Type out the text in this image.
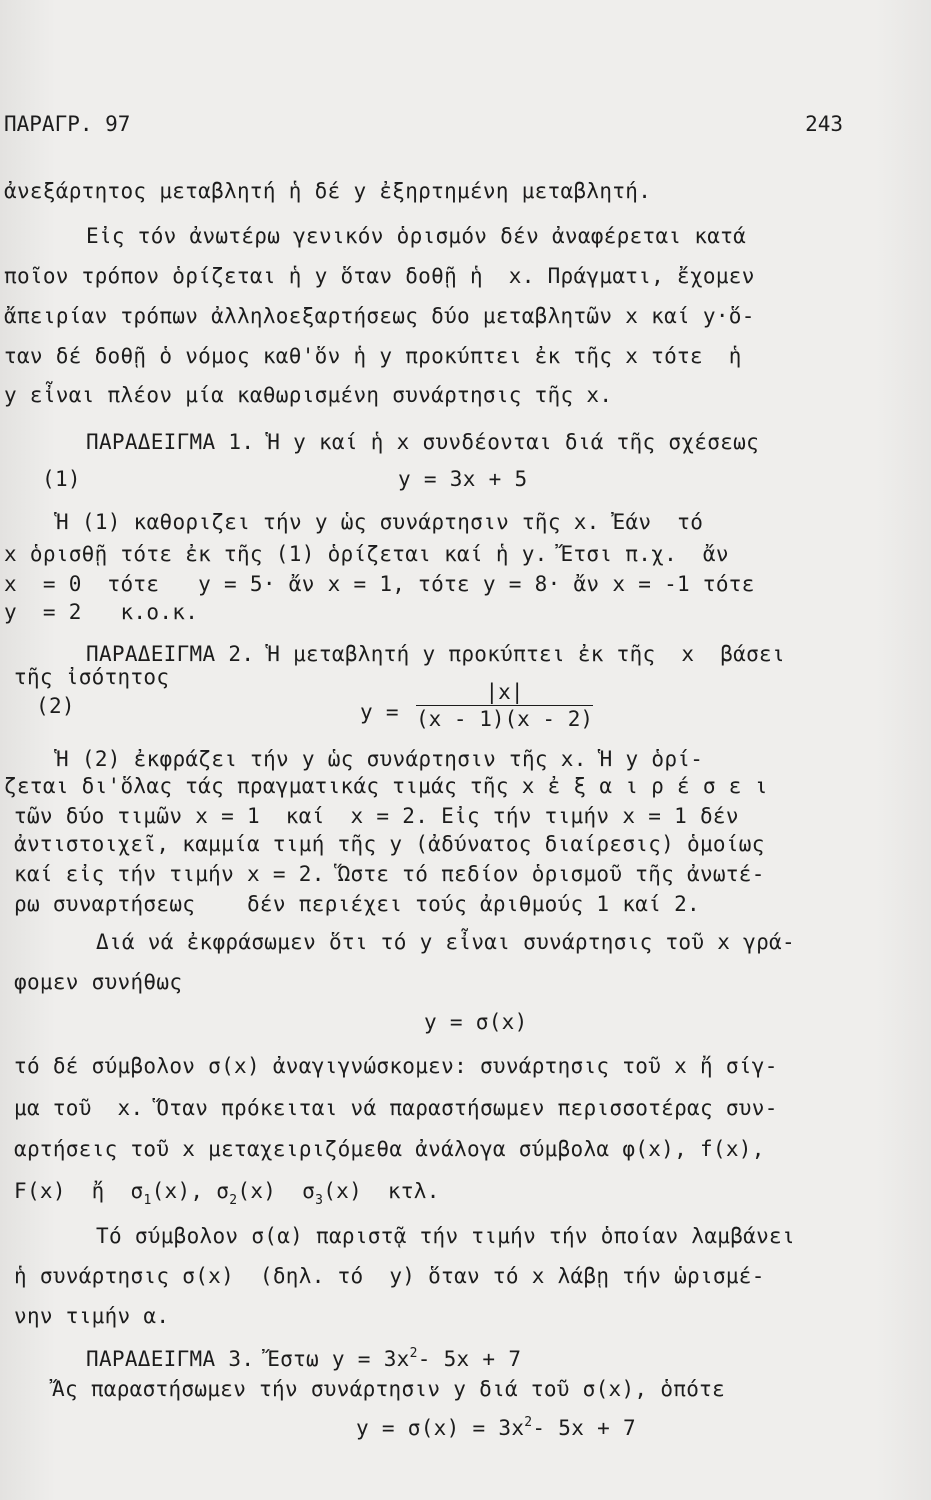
ΠΑΡΑΓΡ. 97	243
ἀνεξάρτητος μεταβλητή ἡ δέ y ἐξηρτημένη μεταβλητή.
Εἰς τόν ἀνωτέρω γενικόν ὁρισμόν δέν ἀναφέρεται κατά
ποῖον τρόπον ὁρίζεται ἡ y ὅταν δοθῇ ἡ  x. Πράγματι, ἔχομεν
ἄπειρίαν τρόπων ἀλληλοεξαρτήσεως δύο μεταβλητῶν x καί y·ὅ-
ταν δέ δοθῇ ὁ νόμος καθ'ὅν ἡ y προκύπτει ἐκ τῆς x τότε  ἡ
y εἶναι πλέον μία καθωρισμένη συνάρτησις τῆς x.
ΠΑΡΑΔΕΙΓΜΑ 1. Ἡ y καί ἡ x συνδέονται διά τῆς σχέσεως
(1)	y = 3x + 5
Ἡ (1) καθοριζει τήν y ὡς συνάρτησιν τῆς x. Ἐάν  τό
x ὁρισθῇ τότε ἐκ τῆς (1) ὁρίζεται καί ἡ y. Ἔτσι π.χ.  ἄν
x  = 0  τότε   y = 5· ἄν x = 1, τότε y = 8· ἄν x = -1 τότε
y  = 2   κ.ο.κ.
ΠΑΡΑΔΕΙΓΜΑ 2. Ἡ μεταβλητή y προκύπτει ἐκ τῆς  x  βάσει
τῆς ἰσότητος
(2)	$y = \frac{|x|}{(x - 1)(x - 2)}$
Ἡ (2) ἐκφράζει τήν y ὡς συνάρτησιν τῆς x. Ἡ y ὁρί-
ζεται δι'ὅλας τάς πραγματικάς τιμάς τῆς x ἐ ξ α ι ρ έ σ ε ι
τῶν δύο τιμῶν x = 1  καί  x = 2. Εἰς τήν τιμήν x = 1 δέν
ἀντιστοιχεῖ, καμμία τιμή τῆς y (ἀδύνατος διαίρεσις) ὁμοίως
καί εἰς τήν τιμήν x = 2. Ὥστε τό πεδίον ὁρισμοῦ τῆς ἀνωτέ-
ρω συναρτήσεως    δέν περιέχει τούς ἀριθμούς 1 καί 2.
Διά νά ἐκφράσωμεν ὅτι τό y εἶναι συνάρτησις τοῦ x γρά-
φομεν συνήθως
y = σ(x)
τό δέ σύμβολον σ(x) ἀναγιγνώσκομεν: συνάρτησις τοῦ x ἤ σίγ-
μα τοῦ  x. Ὅταν πρόκειται νά παραστήσωμεν περισσοτέρας συν-
αρτήσεις τοῦ x μεταχειριζόμεθα ἀνάλογα σύμβολα φ(x), f(x),
F(x)  ἤ  $\sigma_1(x)$, $\sigma_2(x)$  $\sigma_3(x)$  κτλ.
Τό σύμβολον σ(α) παριστᾷ τήν τιμήν τήν ὁποίαν λαμβάνει
ἡ συνάρτησις σ(x)  (δηλ. τό  y) ὅταν τό x λάβῃ τήν ὡρισμέ-
νην τιμήν α.
ΠΑΡΑΔΕΙΓΜΑ 3. Ἔστω $y = 3x^2-$ 5x + 7
Ἄς παραστήσωμεν τήν συνάρτησιν y διά τοῦ σ(x), ὁπότε
$y = \sigma(x) = 3x^2-$ 5x + 7
